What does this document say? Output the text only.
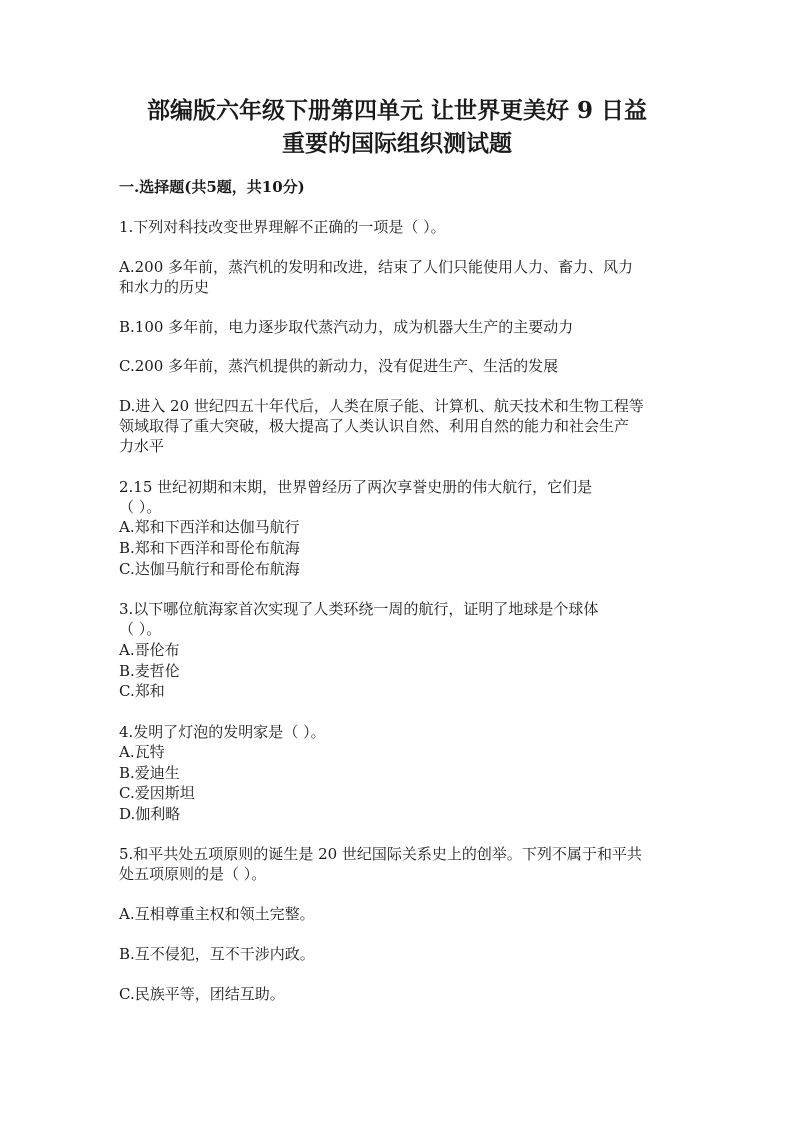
部编版六年级下册第四单元 让世界更美好 9 日益
重要的国际组织测试题
一.选择题(共5题，共10分)
1.下列对科技改变世界理解不正确的一项是（ ）。
A.200 多年前，蒸汽机的发明和改进，结束了人们只能使用人力、畜力、风力
和水力的历史
B.100 多年前，电力逐步取代蒸汽动力，成为机器大生产的主要动力
C.200 多年前，蒸汽机提供的新动力，没有促进生产、生活的发展
D.进入 20 世纪四五十年代后，人类在原子能、计算机、航天技术和生物工程等
领域取得了重大突破，极大提高了人类认识自然、利用自然的能力和社会生产
力水平
2.15 世纪初期和末期，世界曾经历了两次享誉史册的伟大航行，它们是
（ ）。
A.郑和下西洋和达伽马航行
B.郑和下西洋和哥伦布航海
C.达伽马航行和哥伦布航海
3.以下哪位航海家首次实现了人类环绕一周的航行，证明了地球是个球体
（ ）。
A.哥伦布
B.麦哲伦
C.郑和
4.发明了灯泡的发明家是（ ）。
A.瓦特
B.爱迪生
C.爱因斯坦
D.伽利略
5.和平共处五项原则的诞生是 20 世纪国际关系史上的创举。下列不属于和平共
处五项原则的是（ ）。
A.互相尊重主权和领土完整。
B.互不侵犯，互不干涉内政。
C.民族平等，团结互助。
